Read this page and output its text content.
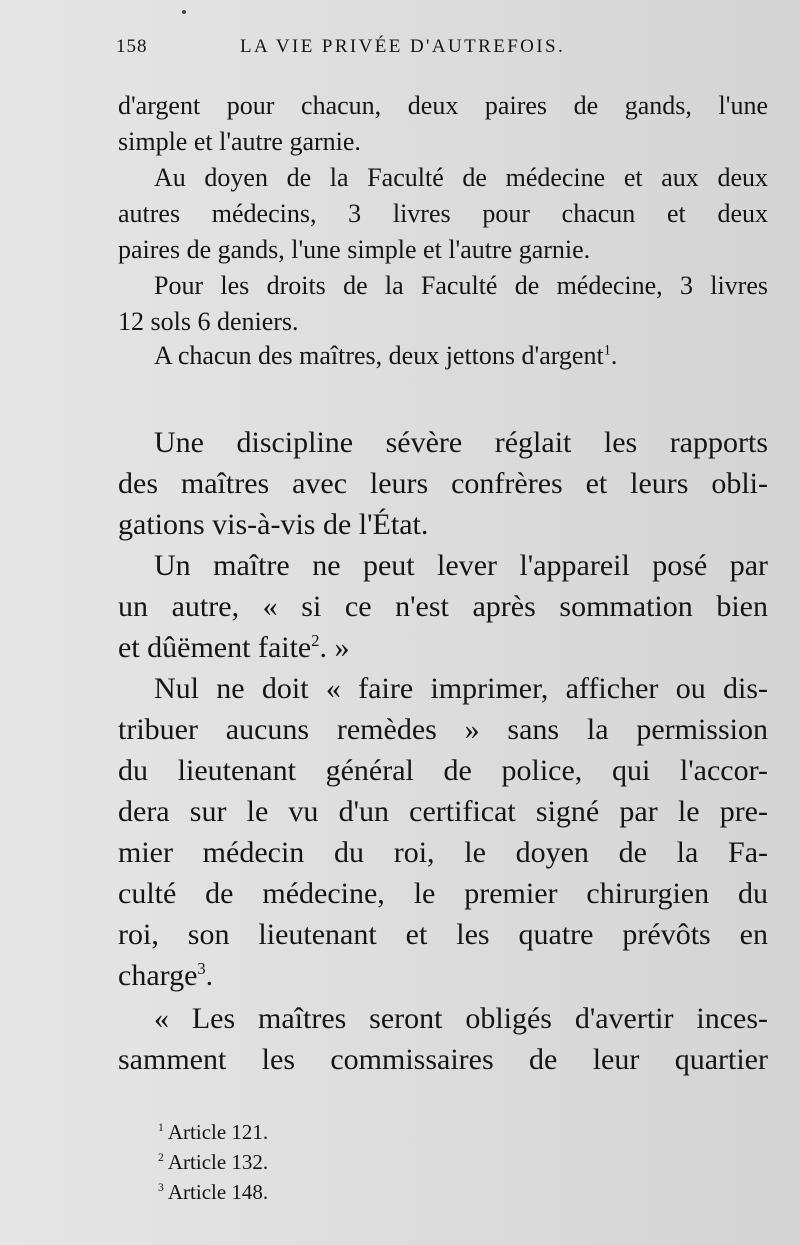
158	LA VIE PRIVÉE D'AUTREFOIS.
d'argent pour chacun, deux paires de gands, l'une
simple et l'autre garnie.
Au doyen de la Faculté de médecine et aux deux
autres médecins, 3 livres pour chacun et deux
paires de gands, l'une simple et l'autre garnie.
Pour les droits de la Faculté de médecine, 3 livres
12 sols 6 deniers.
A chacun des maîtres, deux jettons d'argent$^1$.
Une discipline sévère réglait les rapports
des maîtres avec leurs confrères et leurs obli-
gations vis-à-vis de l'État.
Un maître ne peut lever l'appareil posé par
un autre, « si ce n'est après sommation bien
et dûëment faite$^2$. »
Nul ne doit « faire imprimer, afficher ou dis-
tribuer aucuns remèdes » sans la permission
du lieutenant général de police, qui l'accor-
dera sur le vu d'un certificat signé par le pre-
mier médecin du roi, le doyen de la Fa-
culté de médecine, le premier chirurgien du
roi, son lieutenant et les quatre prévôts en
charge$^3$.
« Les maîtres seront obligés d'avertir inces-
samment les commissaires de leur quartier
$^1$ Article 121.
$^2$ Article 132.
$^3$ Article 148.
